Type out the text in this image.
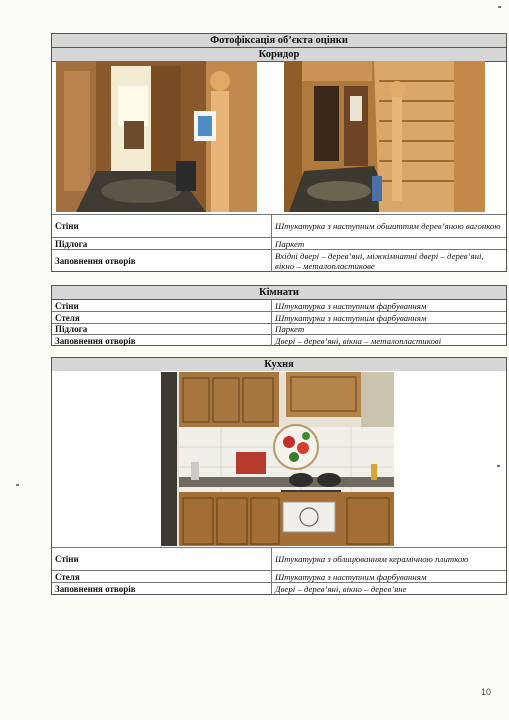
Фотофіксація об’єкта оцінки
Коридор
Стіни	Штукатурка з наступним обшиттям дерев’яною вагонкою
Підлога	Паркет
Заповнення отворів	Вхідні двері – дерев’яні, міжкімнатні двері – дерев’яні, вікно – металопластикове
Кімнати
Стіни	Штукатурка з наступним фарбуванням
Стеля	Штукатурка з наступним фарбуванням
Підлога	Паркет
Заповнення отворів	Двері – дерев’яні, вікна – металопластикові
Кухня
Стіни	Штукатурка з облицюванням керамічною плиткою
Стеля	Штукатурка з наступним фарбуванням
Заповнення отворів	Двері – дерев’яні, вікно – дерев’яне
10
